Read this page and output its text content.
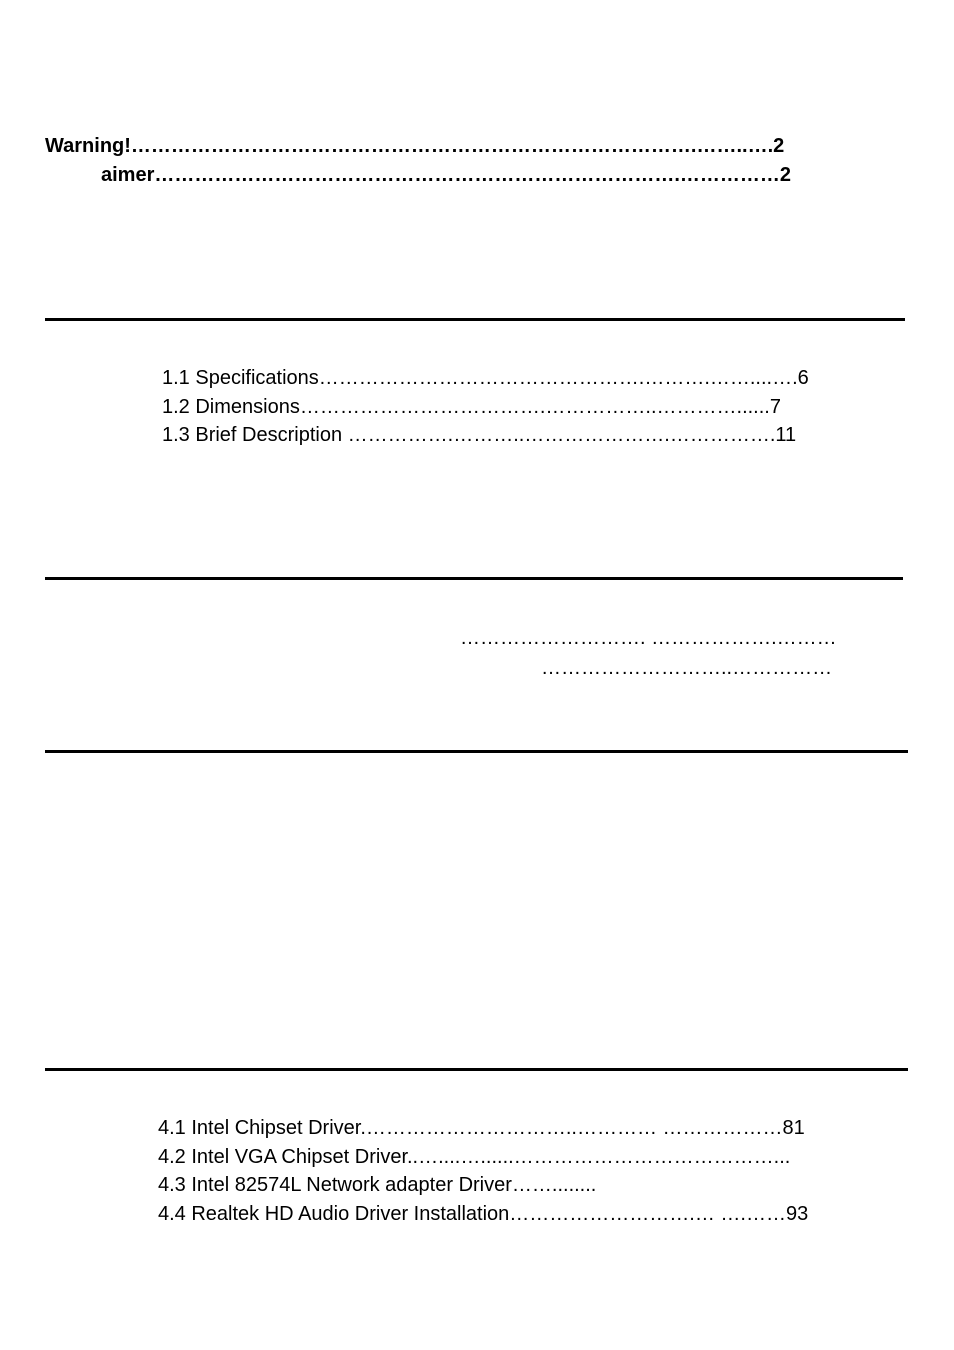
Warning!………………………………………………………………………….……..….2
aimer…………………………………………………………………….……………2
1.1 Specifications………………………………………….……….……....….6
1.2 Dimensions……………………………….……………..…………......7
1.3 Brief Description …………….………..………………….…………….11
………………………. ……………….………
………………………..……………
4.1 Intel Chipset Driver.…………………………..………… ………………81
4.2 Intel VGA Chipset Driver..…....…......…………………………………...
4.3 Intel 82574L Network adapter Driver……........
4.4 Realtek HD Audio Driver Installation……………………….… ….……93
